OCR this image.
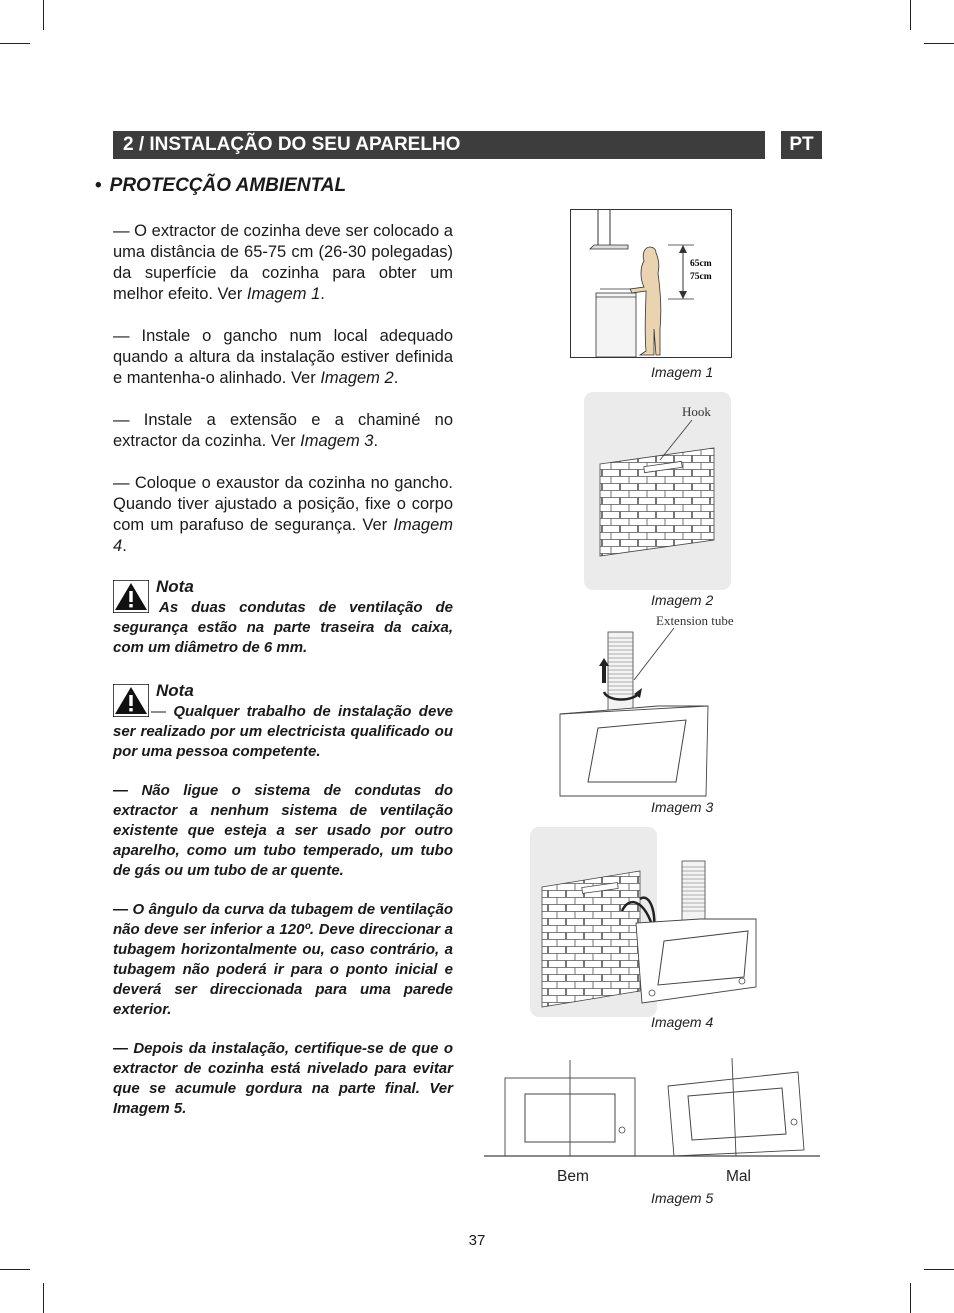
2 / INSTALAÇÃO DO SEU APARELHO	PT
• PROTECÇÃO AMBIENTAL

— O extractor de cozinha deve ser colocado a uma distância de 65-75 cm (26-30 polegadas) da superfície da cozinha para obter um melhor efeito. Ver Imagem 1.

— Instale o gancho num local adequado quando a altura da instalação estiver definida e mantenha-o alinhado. Ver Imagem 2.

— Instale a extensão e a chaminé no extractor da cozinha. Ver Imagem 3.

— Coloque o exaustor da cozinha no gancho. Quando tiver ajustado a posição, fixe o corpo com um parafuso de segurança. Ver Imagem 4.

Nota

As duas condutas de ventilação de segurança estão na parte traseira da caixa, com um diâmetro de 6 mm.

Nota

— Qualquer trabalho de instalação deve ser realizado por um electricista qualificado ou por uma pessoa competente.

— Não ligue o sistema de condutas do extractor a nenhum sistema de ventilação existente que esteja a ser usado por outro aparelho, como um tubo temperado, um tubo de gás ou um tubo de ar quente.

— O ângulo da curva da tubagem de ventilação não deve ser inferior a 120º. Deve direccionar a tubagem horizontalmente ou, caso contrário, a tubagem não poderá ir para o ponto inicial e deverá ser direccionada para uma parede exterior.

— Depois da instalação, certifique-se de que o extractor de cozinha está nivelado para evitar que se acumule gordura na parte final. Ver Imagem 5.

65cm
75cm
Imagem 1
Hook
Imagem 2
Extension tube
Imagem 3
Imagem 4
Bem	Mal
Imagem 5
37
